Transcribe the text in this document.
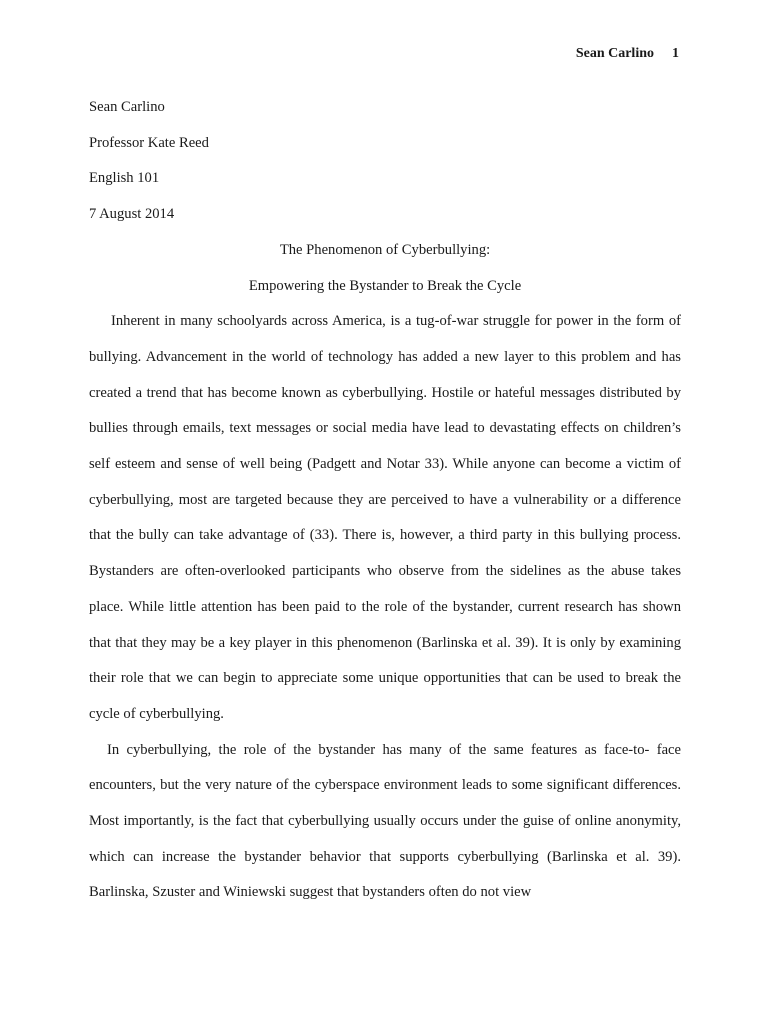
Sean Carlino 1

Sean Carlino

Professor Kate Reed

English 101

7 August 2014

The Phenomenon of Cyberbullying:

Empowering the Bystander to Break the Cycle

Inherent in many schoolyards across America, is a tug-of-war struggle for power in the form of bullying. Advancement in the world of technology has added a new layer to this problem and has created a trend that has become known as cyberbullying. Hostile or hateful messages distributed by bullies through emails, text messages or social media have lead to devastating effects on children’s self esteem and sense of well being (Padgett and Notar 33). While anyone can become a victim of cyberbullying, most are targeted because they are perceived to have a vulnerability or a difference that the bully can take advantage of (33). There is, however, a third party in this bullying process. Bystanders are often-overlooked participants who observe from the sidelines as the abuse takes place. While little attention has been paid to the role of the bystander, current research has shown that that they may be a key player in this phenomenon (Barlinska et al. 39). It is only by examining their role that we can begin to appreciate some unique opportunities that can be used to break the cycle of cyberbullying.

In cyberbullying, the role of the bystander has many of the same features as face-to- face encounters, but the very nature of the cyberspace environment leads to some significant differences. Most importantly, is the fact that cyberbullying usually occurs under the guise of online anonymity, which can increase the bystander behavior that supports cyberbullying (Barlinska et al. 39). Barlinska, Szuster and Winiewski suggest that bystanders often do not view
